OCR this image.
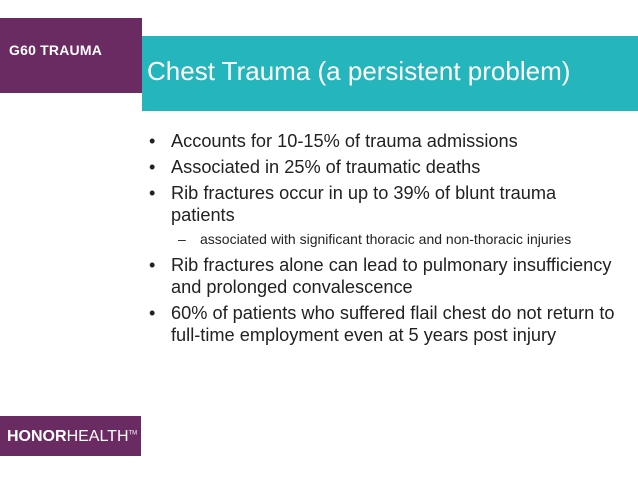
G60 TRAUMA
Chest Trauma (a persistent problem)
• Accounts for 10-15% of trauma admissions
• Associated in 25% of traumatic deaths
• Rib fractures occur in up to 39% of blunt trauma patients
– associated with significant thoracic and non-thoracic injuries
• Rib fractures alone can lead to pulmonary insufficiency and prolonged convalescence
• 60% of patients who suffered flail chest do not return to full-time employment even at 5 years post injury
HONORHEALTH™
